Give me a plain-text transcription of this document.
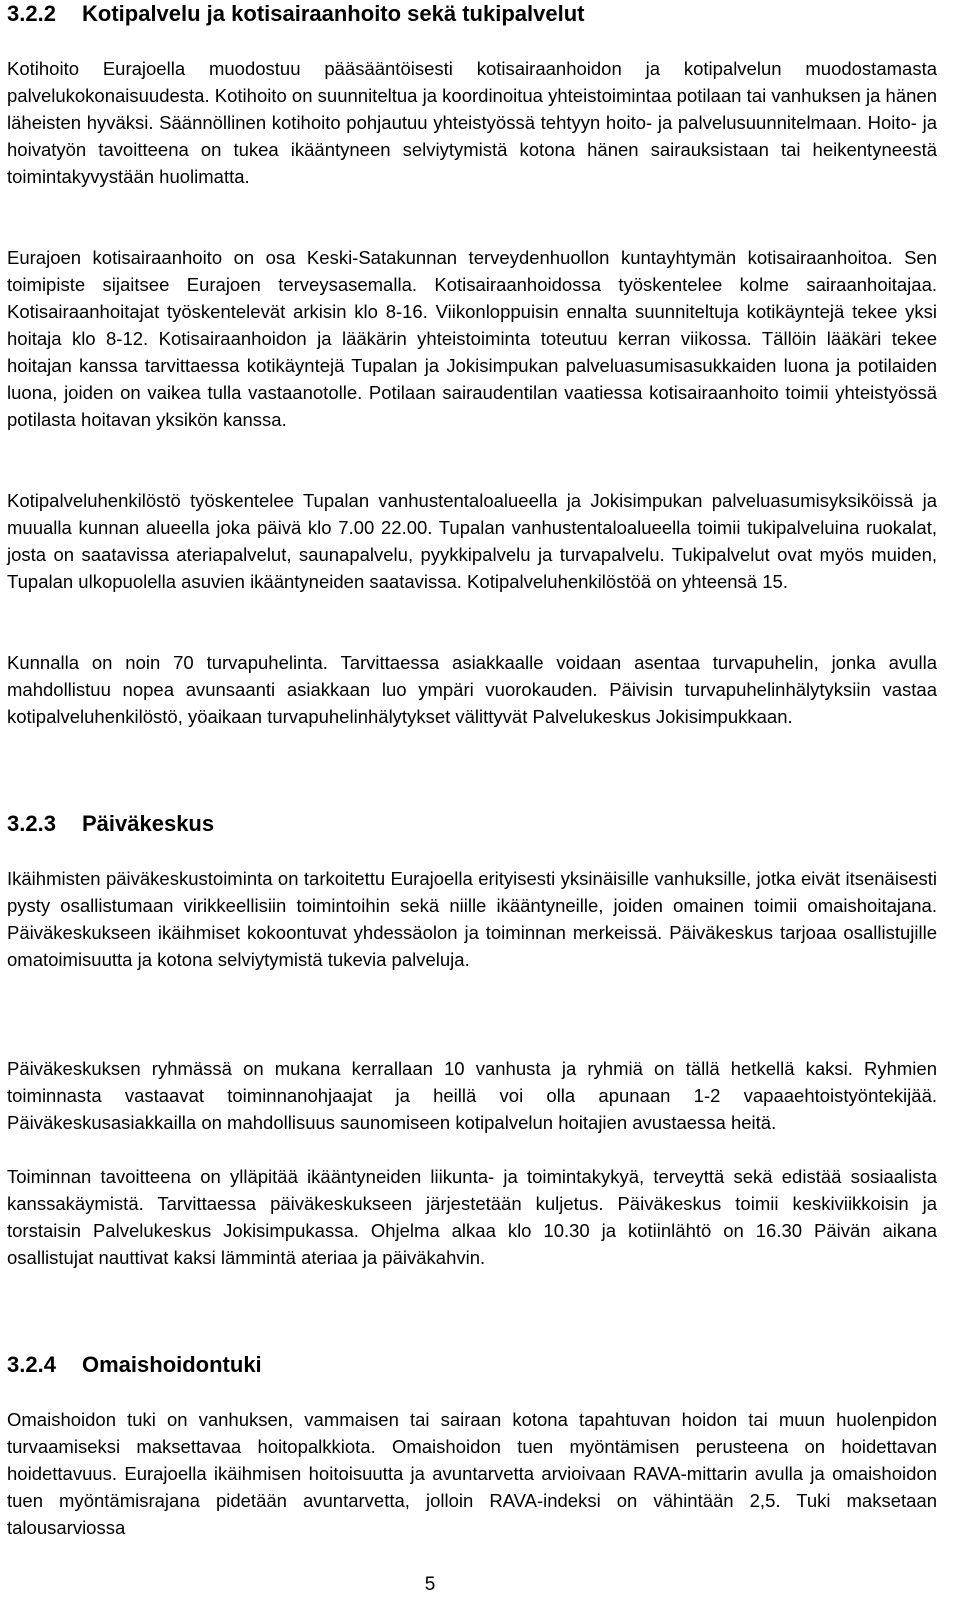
3.2.2 Kotipalvelu ja kotisairaanhoito sekä tukipalvelut

Kotihoito Eurajoella muodostuu pääsääntöisesti kotisairaanhoidon ja kotipalvelun muodostamasta palvelukokonaisuudesta. Kotihoito on suunniteltua ja koordinoitua yhteistoimintaa potilaan tai vanhuksen ja hänen läheisten hyväksi. Säännöllinen kotihoito pohjautuu yhteistyössä tehtyyn hoito- ja palvelusuunnitelmaan. Hoito- ja hoivatyön tavoitteena on tukea ikääntyneen selviytymistä kotona hänen sairauksistaan tai heikentyneestä toimintakyvystään huolimatta.

Eurajoen kotisairaanhoito on osa Keski-Satakunnan terveydenhuollon kuntayhtymän kotisairaanhoitoa. Sen toimipiste sijaitsee Eurajoen terveysasemalla. Kotisairaanhoidossa työskentelee kolme sairaanhoitajaa. Kotisairaanhoitajat työskentelevät arkisin klo 8-16. Viikonloppuisin ennalta suunniteltuja kotikäyntejä tekee yksi hoitaja klo 8-12. Kotisairaanhoidon ja lääkärin yhteistoiminta toteutuu kerran viikossa. Tällöin lääkäri tekee hoitajan kanssa tarvittaessa kotikäyntejä Tupalan ja Jokisimpukan palveluasumisasukkaiden luona ja potilaiden luona, joiden on vaikea tulla vastaanotolle. Potilaan sairaudentilan vaatiessa kotisairaanhoito toimii yhteistyössä potilasta hoitavan yksikön kanssa.

Kotipalveluhenkilöstö työskentelee Tupalan vanhustentaloalueella ja Jokisimpukan palveluasumisyksiköissä ja muualla kunnan alueella joka päivä klo 7.00 22.00. Tupalan vanhustentaloalueella toimii tukipalveluina ruokalat, josta on saatavissa ateriapalvelut, saunapalvelu, pyykkipalvelu ja turvapalvelu. Tukipalvelut ovat myös muiden, Tupalan ulkopuolella asuvien ikääntyneiden saatavissa. Kotipalveluhenkilöstöä on yhteensä 15.

Kunnalla on noin 70 turvapuhelinta. Tarvittaessa asiakkaalle voidaan asentaa turvapuhelin, jonka avulla mahdollistuu nopea avunsaanti asiakkaan luo ympäri vuorokauden. Päivisin turvapuhelinhälytyksiin vastaa kotipalveluhenkilöstö, yöaikaan turvapuhelinhälytykset välittyvät Palvelukeskus Jokisimpukkaan.

3.2.3 Päiväkeskus

Ikäihmisten päiväkeskustoiminta on tarkoitettu Eurajoella erityisesti yksinäisille vanhuksille, jotka eivät itsenäisesti pysty osallistumaan virikkeellisiin toimintoihin sekä niille ikääntyneille, joiden omainen toimii omaishoitajana. Päiväkeskukseen ikäihmiset kokoontuvat yhdessäolon ja toiminnan merkeissä. Päiväkeskus tarjoaa osallistujille omatoimisuutta ja kotona selviytymistä tukevia palveluja.

Päiväkeskuksen ryhmässä on mukana kerrallaan 10 vanhusta ja ryhmiä on tällä hetkellä kaksi. Ryhmien toiminnasta vastaavat toiminnanohjaajat ja heillä voi olla apunaan 1-2 vapaaehtoistyöntekijää. Päiväkeskusasiakkailla on mahdollisuus saunomiseen kotipalvelun hoitajien avustaessa heitä.

Toiminnan tavoitteena on ylläpitää ikääntyneiden liikunta- ja toimintakykyä, terveyttä sekä edistää sosiaalista kanssakäymistä. Tarvittaessa päiväkeskukseen järjestetään kuljetus. Päiväkeskus toimii keskiviikkoisin ja torstaisin Palvelukeskus Jokisimpukassa. Ohjelma alkaa klo 10.30 ja kotiinlähtö on 16.30 Päivän aikana osallistujat nauttivat kaksi lämmintä ateriaa ja päiväkahvin.

3.2.4 Omaishoidontuki

Omaishoidon tuki on vanhuksen, vammaisen tai sairaan kotona tapahtuvan hoidon tai muun huolenpidon turvaamiseksi maksettavaa hoitopalkkiota. Omaishoidon tuen myöntämisen perusteena on hoidettavan hoidettavuus. Eurajoella ikäihmisen hoitoisuutta ja avuntarvetta arvioivaan RAVA-mittarin avulla ja omaishoidon tuen myöntämisrajana pidetään avuntarvetta, jolloin RAVA-indeksi on vähintään 2,5. Tuki maksetaan talousarviossa

5
